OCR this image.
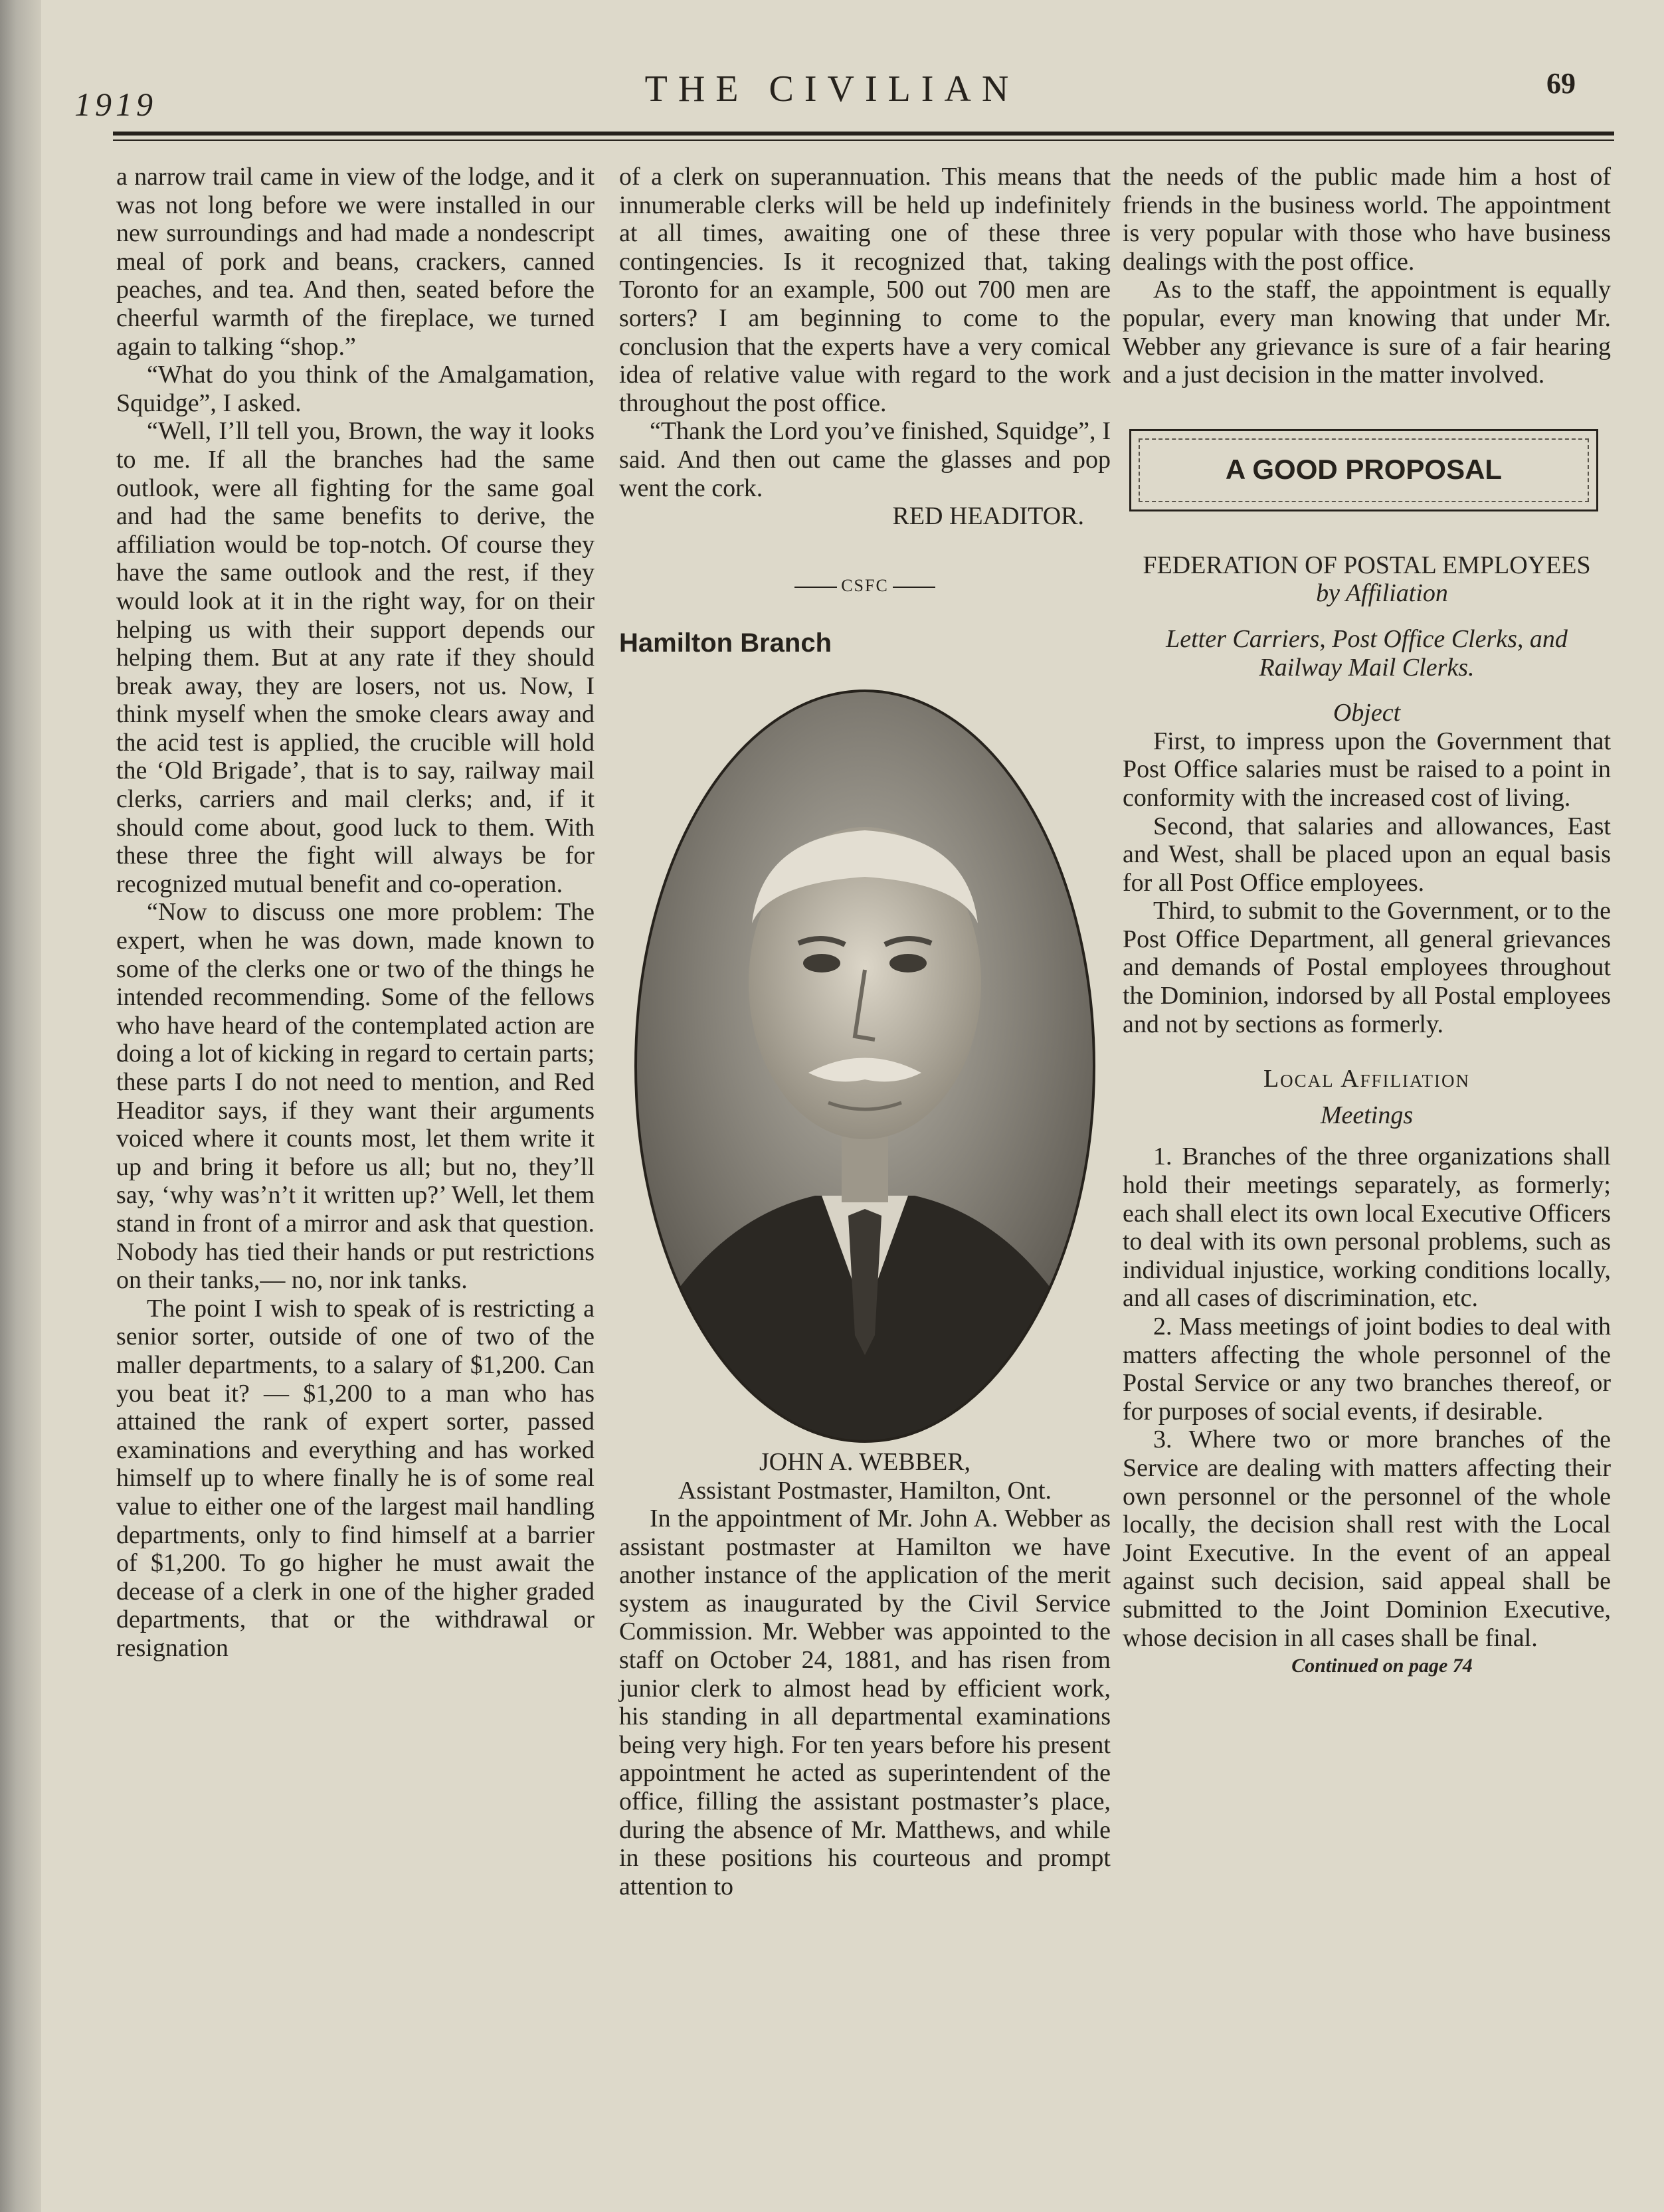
1919	THE CIVILIAN	69

a narrow trail came in view of the lodge, and it was not long before we were installed in our new surroundings and had made a nondescript meal of pork and beans, crackers, canned peaches, and tea. And then, seated before the cheerful warmth of the fireplace, we turned again to talking “shop.”

“What do you think of the Amalgamation, Squidge”, I asked.

“Well, I’ll tell you, Brown, the way it looks to me. If all the branches had the same outlook, were all fighting for the same goal and had the same benefits to derive, the affiliation would be top-notch. Of course they have the same outlook and the rest, if they would look at it in the right way, for on their helping us with their support depends our helping them. But at any rate if they should break away, they are losers, not us. Now, I think myself when the smoke clears away and the acid test is applied, the crucible will hold the ‘Old Brigade’, that is to say, railway mail clerks, carriers and mail clerks; and, if it should come about, good luck to them. With these three the fight will always be for recognized mutual benefit and co-operation.

“Now to discuss one more problem: The expert, when he was down, made known to some of the clerks one or two of the things he intended recommending. Some of the fellows who have heard of the contemplated action are doing a lot of kicking in regard to certain parts; these parts I do not need to mention, and Red Headitor says, if they want their arguments voiced where it counts most, let them write it up and bring it before us all; but no, they’ll say, ‘why was’n’t it written up?’ Well, let them stand in front of a mirror and ask that question. Nobody has tied their hands or put restrictions on their tanks,— no, nor ink tanks.

The point I wish to speak of is restricting a senior sorter, outside of one of two of the maller departments, to a salary of $1,200. Can you beat it? — $1,200 to a man who has attained the rank of expert sorter, passed examinations and everything and has worked himself up to where finally he is of some real value to either one of the largest mail handling departments, only to find himself at a barrier of $1,200. To go higher he must await the decease of a clerk in one of the higher graded departments, that or the withdrawal or resignation

of a clerk on superannuation. This means that innumerable clerks will be held up indefinitely at all times, awaiting one of these three contingencies. Is it recognized that, taking Toronto for an example, 500 out 700 men are sorters? I am beginning to come to the conclusion that the experts have a very comical idea of relative value with regard to the work throughout the post office.

“Thank the Lord you’ve finished, Squidge”, I said. And then out came the glasses and pop went the cork.

RED HEADITOR.

CSFC
Hamilton Branch

JOHN A. WEBBER,
Assistant Postmaster, Hamilton, Ont.

In the appointment of Mr. John A. Webber as assistant postmaster at Hamilton we have another instance of the application of the merit system as inaugurated by the Civil Service Commission. Mr. Webber was appointed to the staff on October 24, 1881, and has risen from junior clerk to almost head by efficient work, his standing in all departmental examinations being very high. For ten years before his present appointment he acted as superintendent of the office, filling the assistant postmaster’s place, during the absence of Mr. Matthews, and while in these positions his courteous and prompt attention to

the needs of the public made him a host of friends in the business world. The appointment is very popular with those who have business dealings with the post office.

As to the staff, the appointment is equally popular, every man knowing that under Mr. Webber any grievance is sure of a fair hearing and a just decision in the matter involved.

A GOOD PROPOSAL

FEDERATION OF POSTAL EMPLOYEES

by Affiliation

Letter Carriers, Post Office Clerks, and Railway Mail Clerks.

Object

First, to impress upon the Government that Post Office salaries must be raised to a point in conformity with the increased cost of living.

Second, that salaries and allowances, East and West, shall be placed upon an equal basis for all Post Office employees.

Third, to submit to the Government, or to the Post Office Department, all general grievances and demands of Postal employees throughout the Dominion, indorsed by all Postal employees and not by sections as formerly.

Local Affiliation

Meetings

1. Branches of the three organizations shall hold their meetings separately, as formerly; each shall elect its own local Executive Officers to deal with its own personal problems, such as individual injustice, working conditions locally, and all cases of discrimination, etc.

2. Mass meetings of joint bodies to deal with matters affecting the whole personnel of the Postal Service or any two branches thereof, or for purposes of social events, if desirable.

3. Where two or more branches of the Service are dealing with matters affecting their own personnel or the personnel of the whole locally, the decision shall rest with the Local Joint Executive. In the event of an appeal against such decision, said appeal shall be submitted to the Joint Dominion Executive, whose decision in all cases shall be final.

Continued on page 74
